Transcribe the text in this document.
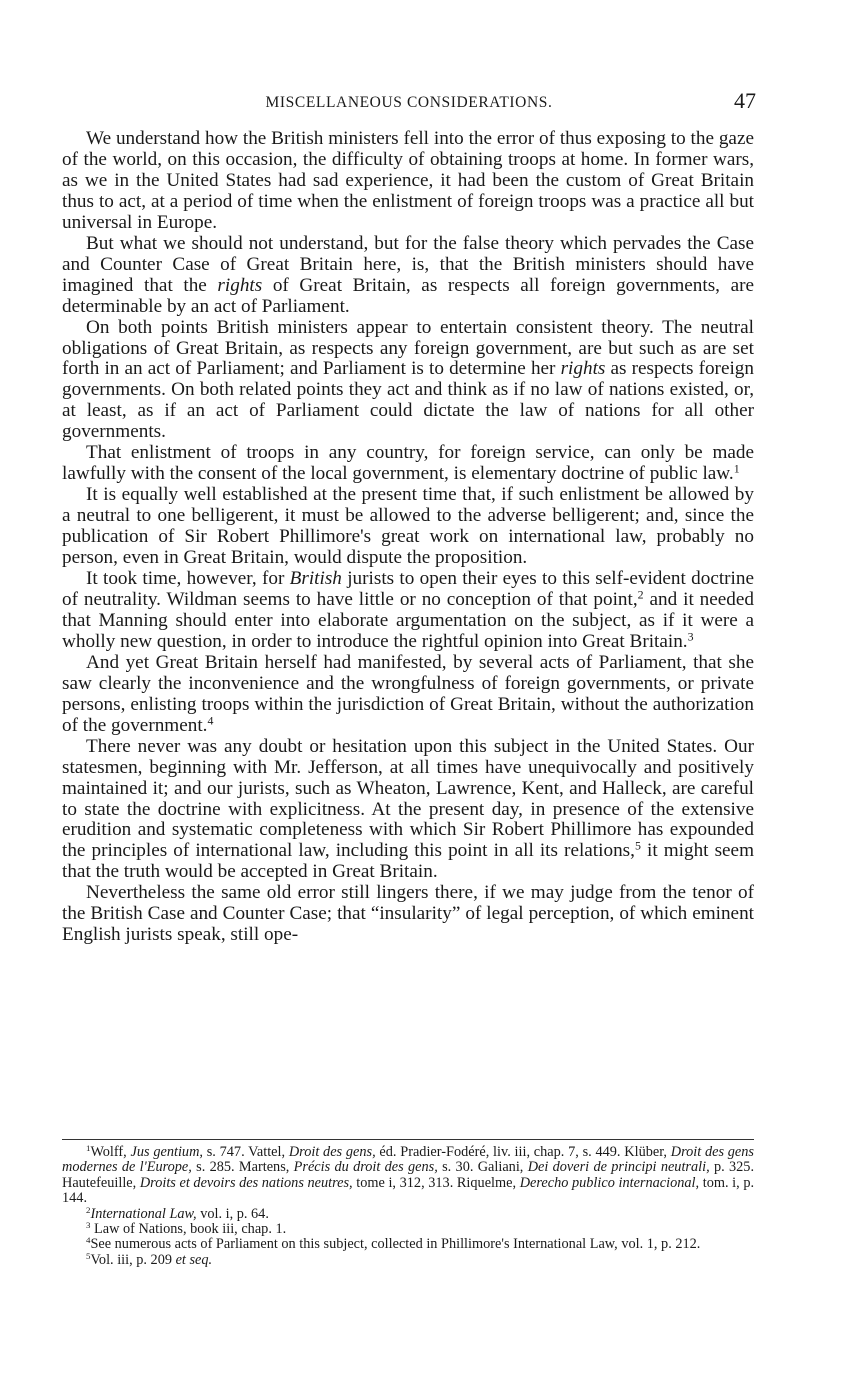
MISCELLANEOUS CONSIDERATIONS.	47

We understand how the British ministers fell into the error of thus exposing to the gaze of the world, on this occasion, the difficulty of obtaining troops at home. In former wars, as we in the United States had sad experience, it had been the custom of Great Britain thus to act, at a period of time when the enlistment of foreign troops was a practice all but universal in Europe.

But what we should not understand, but for the false theory which pervades the Case and Counter Case of Great Britain here, is, that the British ministers should have imagined that the rights of Great Britain, as respects all foreign governments, are determinable by an act of Parliament.

On both points British ministers appear to entertain consistent theory. The neutral obligations of Great Britain, as respects any foreign government, are but such as are set forth in an act of Parliament; and Parliament is to determine her rights as respects foreign governments. On both related points they act and think as if no law of nations existed, or, at least, as if an act of Parliament could dictate the law of nations for all other governments.

That enlistment of troops in any country, for foreign service, can only be made lawfully with the consent of the local government, is elementary doctrine of public law.$^1$

It is equally well established at the present time that, if such enlistment be allowed by a neutral to one belligerent, it must be allowed to the adverse belligerent; and, since the publication of Sir Robert Phillimore's great work on international law, probably no person, even in Great Britain, would dispute the proposition.

It took time, however, for British jurists to open their eyes to this self-evident doctrine of neutrality. Wildman seems to have little or no conception of that point,$^2$ and it needed that Manning should enter into elaborate argumentation on the subject, as if it were a wholly new question, in order to introduce the rightful opinion into Great Britain.$^3$

And yet Great Britain herself had manifested, by several acts of Parliament, that she saw clearly the inconvenience and the wrongfulness of foreign governments, or private persons, enlisting troops within the jurisdiction of Great Britain, without the authorization of the government.$^4$

There never was any doubt or hesitation upon this subject in the United States. Our statesmen, beginning with Mr. Jefferson, at all times have unequivocally and positively maintained it; and our jurists, such as Wheaton, Lawrence, Kent, and Halleck, are careful to state the doctrine with explicitness. At the present day, in presence of the extensive erudition and systematic completeness with which Sir Robert Phillimore has expounded the principles of international law, including this point in all its relations,$^5$ it might seem that the truth would be accepted in Great Britain.

Nevertheless the same old error still lingers there, if we may judge from the tenor of the British Case and Counter Case; that “insularity” of legal perception, of which eminent English jurists speak, still ope-

$^1$Wolff, Jus gentium, s. 747. Vattel, Droit des gens, éd. Pradier-Fodéré, liv. iii, chap. 7, s. 449. Klüber, Droit des gens modernes de l'Europe, s. 285. Martens, Précis du droit des gens, s. 30. Galiani, Dei doveri de principi neutrali, p. 325. Hautefeuille, Droits et devoirs des nations neutres, tome i, 312, 313. Riquelme, Derecho publico internacional, tom. i, p. 144.

$^2$International Law, vol. i, p. 64.

$^3$ Law of Nations, book iii, chap. 1.

$^4$See numerous acts of Parliament on this subject, collected in Phillimore's International Law, vol. 1, p. 212.

$^5$Vol. iii, p. 209 et seq.
